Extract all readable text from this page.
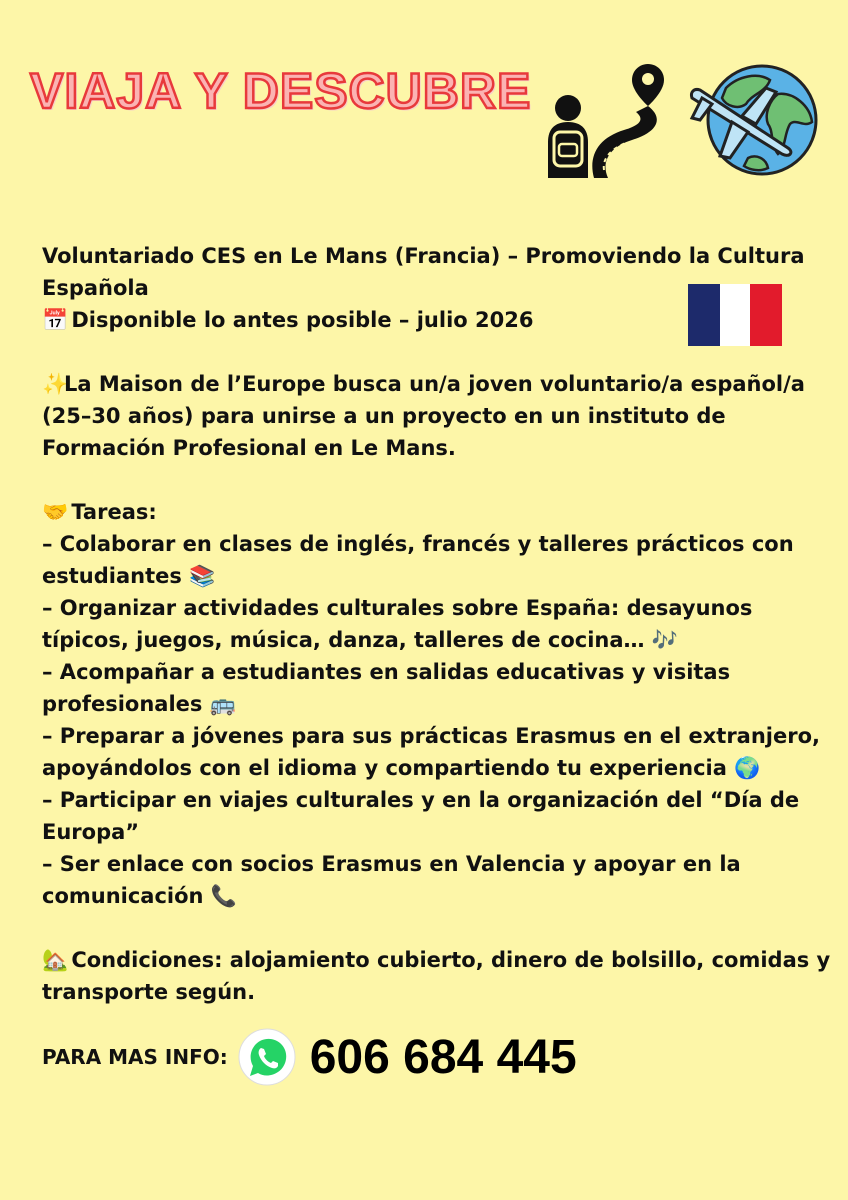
VIAJA Y DESCUBRE

Voluntariado CES en Le Mans (Francia) – Promoviendo la Cultura Española

📅 Disponible lo antes posible – julio 2026

✨La Maison de l’Europe busca un/a joven voluntario/a español/a (25–30 años) para unirse a un proyecto en un instituto de Formación Profesional en Le Mans.

🤝 Tareas:

– Colaborar en clases de inglés, francés y talleres prácticos con estudiantes 📚

– Organizar actividades culturales sobre España: desayunos típicos, juegos, música, danza, talleres de cocina… 🎶

– Acompañar a estudiantes en salidas educativas y visitas profesionales 🚌

– Preparar a jóvenes para sus prácticas Erasmus en el extranjero, apoyándolos con el idioma y compartiendo tu experiencia 🌍

– Participar en viajes culturales y en la organización del “Día de Europa”

– Ser enlace con socios Erasmus en Valencia y apoyar en la comunicación 📞

🏡 Condiciones: alojamiento cubierto, dinero de bolsillo, comidas y transporte según.

PARA MAS INFO: 606 684 445
